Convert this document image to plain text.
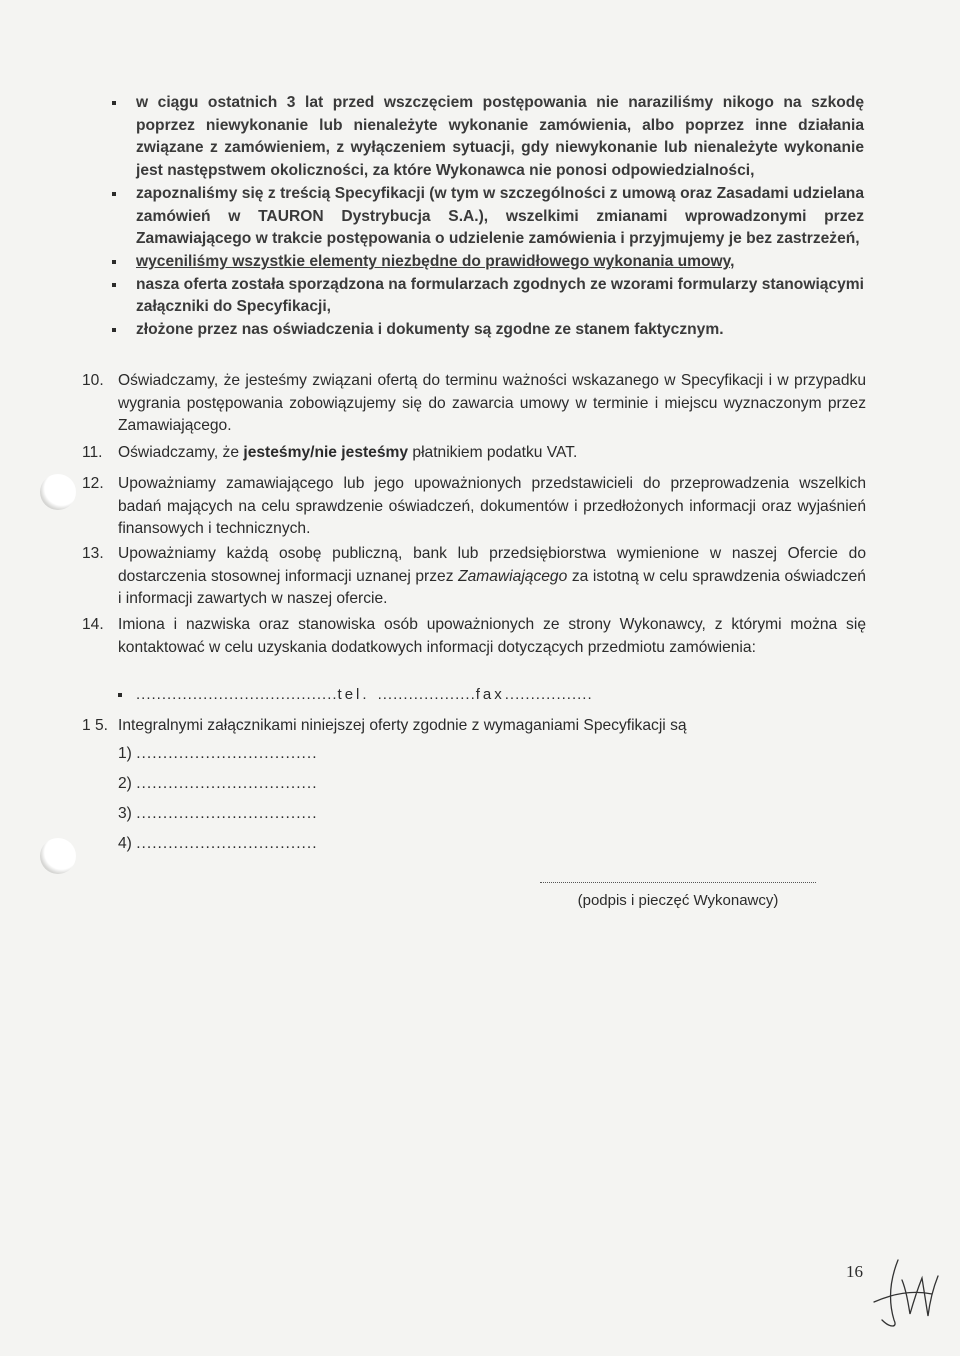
w ciągu ostatnich 3 lat przed wszczęciem postępowania nie naraziliśmy nikogo na szkodę poprzez niewykonanie lub nienależyte wykonanie zamówienia, albo poprzez inne działania związane z zamówieniem, z wyłączeniem sytuacji, gdy niewykonanie lub nienależyte wykonanie jest następstwem okoliczności, za które Wykonawca nie ponosi odpowiedzialności,

zapoznaliśmy się z treścią Specyfikacji (w tym w szczególności z umową oraz Zasadami udzielana zamówień w TAURON Dystrybucja S.A.), wszelkimi zmianami wprowadzonymi przez Zamawiającego w trakcie postępowania o udzielenie zamówienia i przyjmujemy je bez zastrzeżeń,

wyceniliśmy wszystkie elementy niezbędne do prawidłowego wykonania umowy,

nasza oferta została sporządzona na formularzach zgodnych ze wzorami formularzy stanowiącymi załączniki do Specyfikacji,

złożone przez nas oświadczenia i dokumenty są zgodne ze stanem faktycznym.

10. Oświadczamy, że jesteśmy związani ofertą do terminu ważności wskazanego w Specyfikacji i w przypadku wygrania postępowania zobowiązujemy się do zawarcia umowy w terminie i miejscu wyznaczonym przez Zamawiającego.
11. Oświadczamy, że jesteśmy/nie jesteśmy płatnikiem podatku VAT.
12. Upoważniamy zamawiającego lub jego upoważnionych przedstawicieli do przeprowadzenia wszelkich badań mających na celu sprawdzenie oświadczeń, dokumentów i przedłożonych informacji oraz wyjaśnień finansowych i technicznych.
13. Upoważniamy każdą osobę publiczną, bank lub przedsiębiorstwa wymienione w naszej Ofercie do dostarczenia stosownej informacji uznanej przez Zamawiającego za istotną w celu sprawdzenia oświadczeń i informacji zawartych w naszej ofercie.
14. Imiona i nazwiska oraz stanowiska osób upoważnionych ze strony Wykonawcy, z którymi można się kontaktować w celu uzyskania dodatkowych informacji dotyczących przedmiotu zamówienia:
.......................................tel. ...................fax.................
1 5. Integralnymi załącznikami niniejszej oferty zgodnie z wymaganiami Specyfikacji są
1) ..................................
2) ..................................
3) ..................................
4) ..................................
(podpis i pieczęć Wykonawcy)
16
